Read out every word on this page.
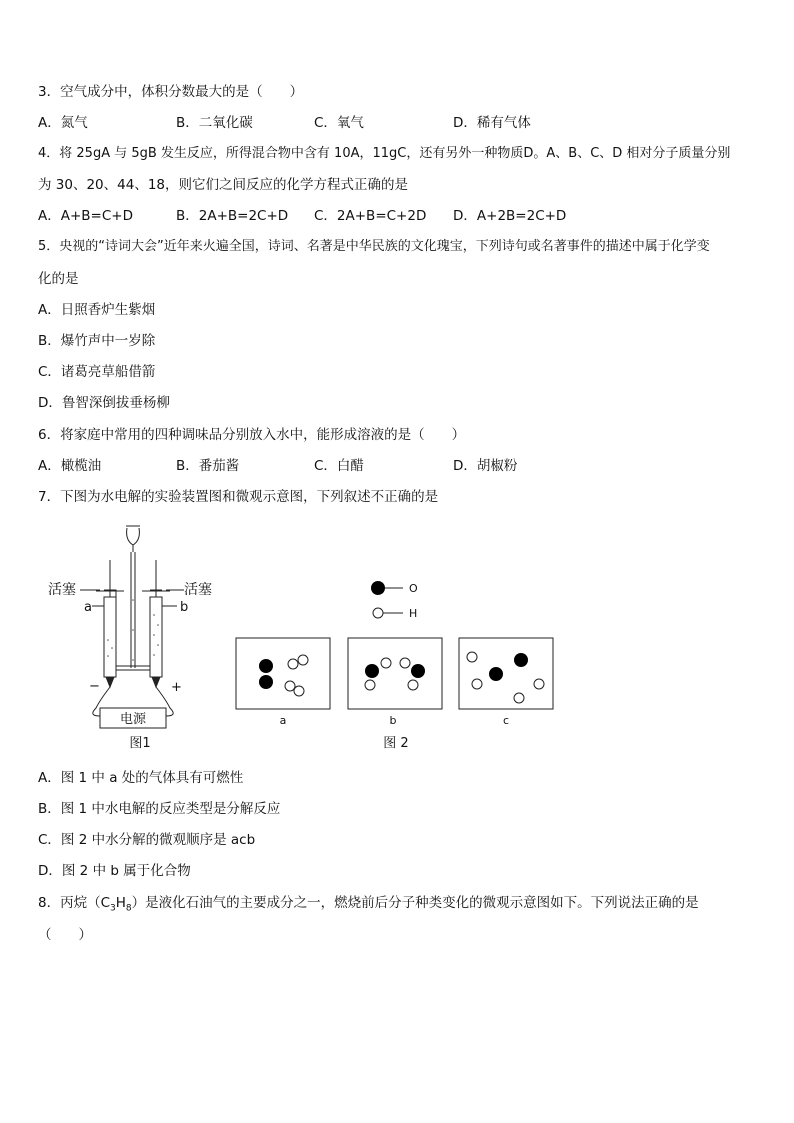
3．空气成分中，体积分数最大的是（　　）
A．氮气	B．二氧化碳	C．氧气	D．稀有气体
4．将 25gA 与 5gB 发生反应，所得混合物中含有 10A，11gC，还有另外一种物质D。A、B、C、D 相对分子质量分别
为 30、20、44、18，则它们之间反应的化学方程式正确的是
A．A+B=C+D	B．2A+B=2C+D C．2A+B=C+2D D．A+2B=2C+D
5．央视的“诗词大会”近年来火遍全国，诗词、名著是中华民族的文化瑰宝，下列诗句或名著事件的描述中属于化学变
化的是
A．日照香炉生紫烟
B．爆竹声中一岁除
C．诸葛亮草船借箭
D．鲁智深倒拔垂杨柳
6．将家庭中常用的四种调味品分别放入水中，能形成溶液的是（　　）
A．橄榄油	B．番茄酱	C．白醋	D．胡椒粉
7．下图为水电解的实验装置图和微观示意图，下列叙述不正确的是
活塞	活塞
a	b
−	+
电源
图1
O
H
a	b	c
图 2
A．图 1 中 a 处的气体具有可燃性
B．图 1 中水电解的反应类型是分解反应
C．图 2 中水分解的微观顺序是 acb
D．图 2 中 b 属于化合物
8．丙烷$(C_3H_8)$是液化石油气的主要成分之一，燃烧前后分子种类变化的微观示意图如下。下列说法正确的是
（　　）
